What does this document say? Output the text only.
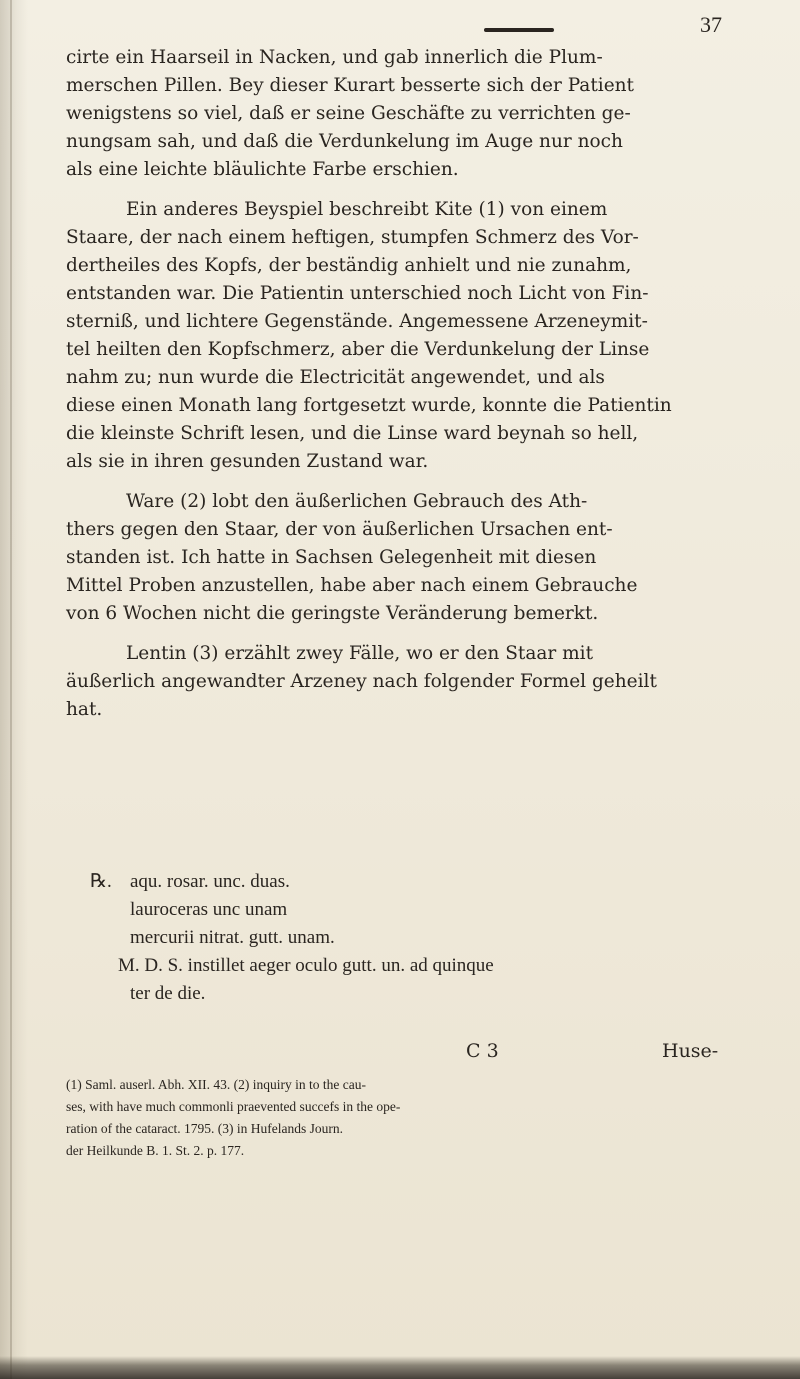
37

cirte ein Haarseil in Nacken, und gab innerlich die Plum-
merschen Pillen. Bey dieser Kurart besserte sich der Patient
wenigstens so viel, daß er seine Geschäfte zu verrichten ge-
nungsam sah, und daß die Verdunkelung im Auge nur noch
als eine leichte bläulichte Farbe erschien.

Ein anderes Beyspiel beschreibt Kite (1) von einem
Staare, der nach einem heftigen, stumpfen Schmerz des Vor-
dertheiles des Kopfs, der beständig anhielt und nie zunahm,
entstanden war. Die Patientin unterschied noch Licht von Fin-
sterniß, und lichtere Gegenstände. Angemessene Arzeneymit-
tel heilten den Kopfschmerz, aber die Verdunkelung der Linse
nahm zu; nun wurde die Electricität angewendet, und als
diese einen Monath lang fortgesetzt wurde, konnte die Patientin
die kleinste Schrift lesen, und die Linse ward beynah so hell,
als sie in ihren gesunden Zustand war.

Ware (2) lobt den äußerlichen Gebrauch des Ath-
thers gegen den Staar, der von äußerlichen Ursachen ent-
standen ist. Ich hatte in Sachsen Gelegenheit mit diesen
Mittel Proben anzustellen, habe aber nach einem Gebrauche
von 6 Wochen nicht die geringste Veränderung bemerkt.

Lentin (3) erzählt zwey Fälle, wo er den Staar mit
äußerlich angewandter Arzeney nach folgender Formel geheilt
hat.

℞. aqu. rosar. unc. duas.
lauroceras unc unam
mercurii nitrat. gutt. unam.
M. D. S. instillet aeger oculo gutt. un. ad quinque
ter de die.
C 3	Huse-
(1) Saml. auserl. Abh. XII. 43. (2) inquiry in to the cau-
ses, with have much commonli praevented succefs in the ope-
ration of the cataract. 1795. (3) in Hufelands Journ.
der Heilkunde B. 1. St. 2. p. 177.
